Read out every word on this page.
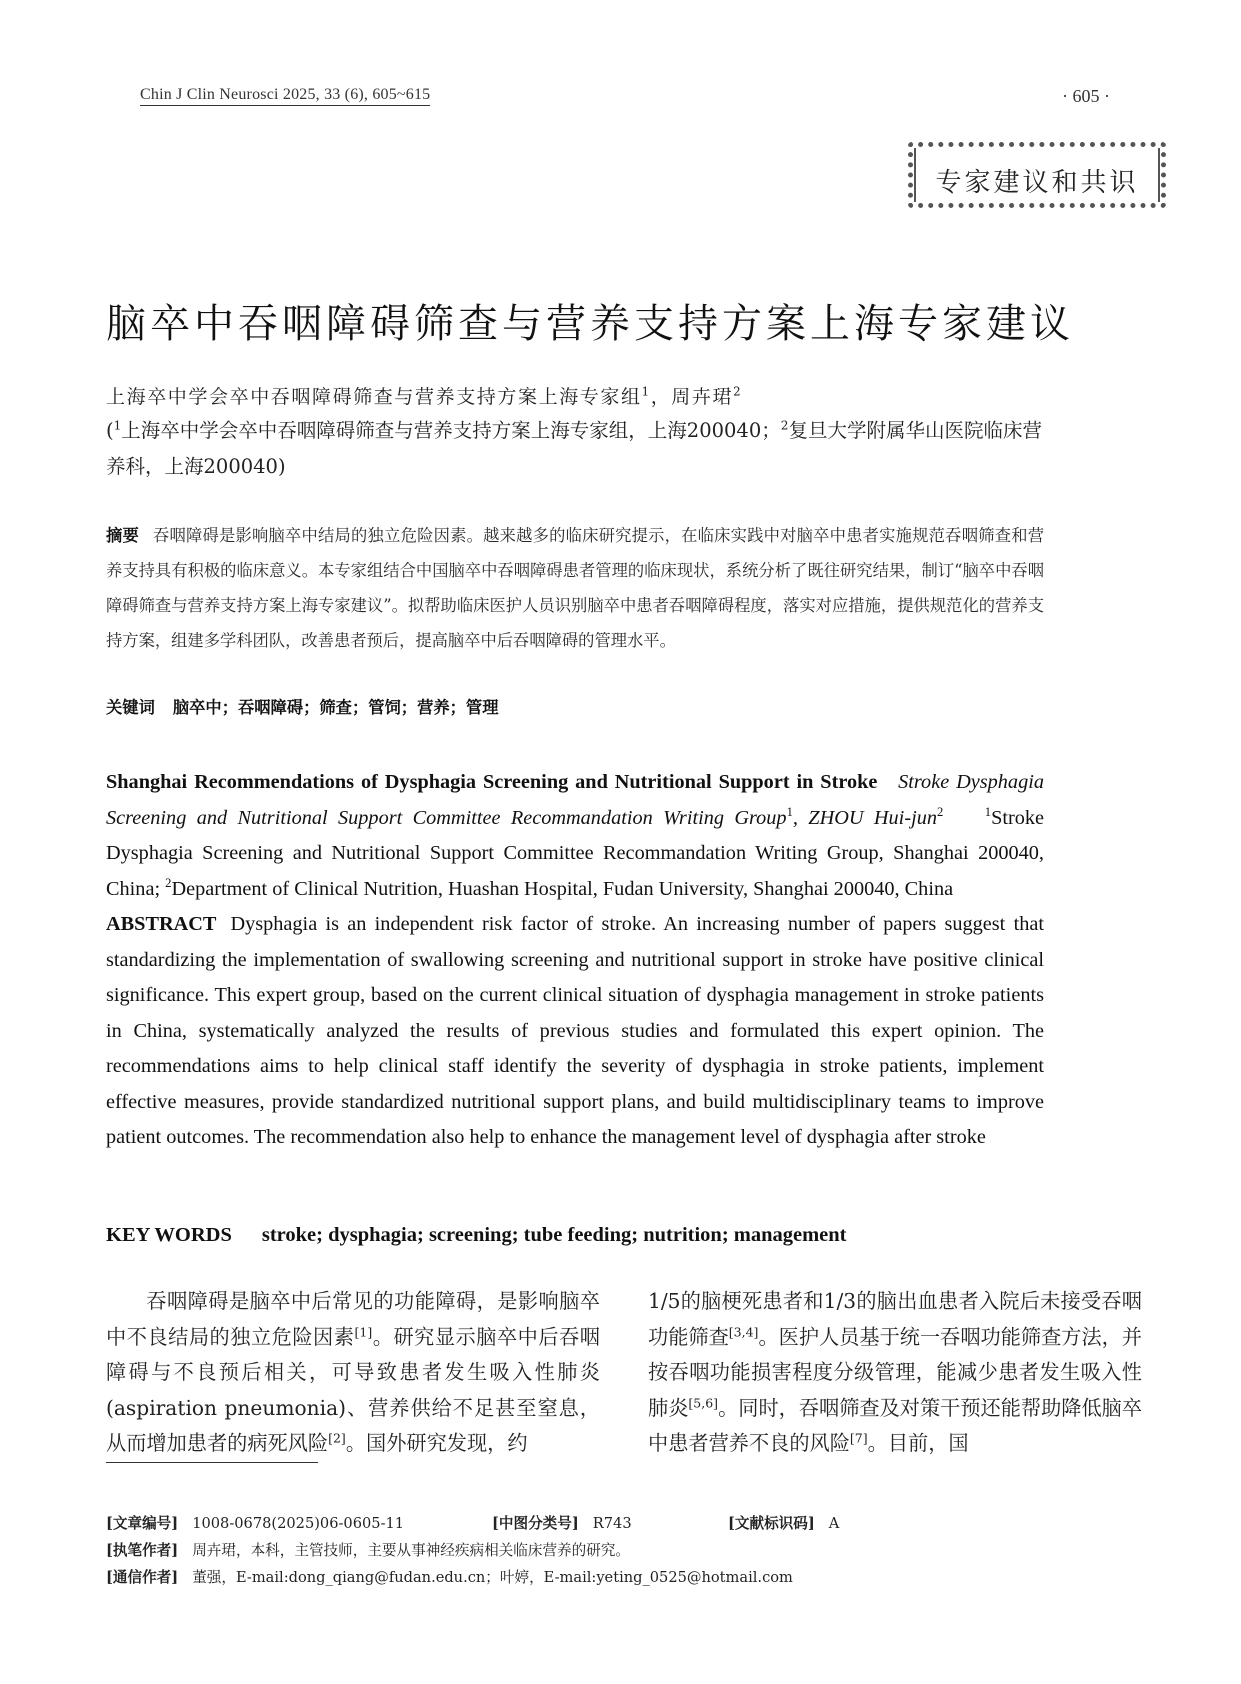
Chin J Clin Neurosci 2025, 33 (6), 605~615	· 605 ·
专家建议和共识
脑卒中吞咽障碍筛查与营养支持方案上海专家建议
上海卒中学会卒中吞咽障碍筛查与营养支持方案上海专家组$^1$，周卉珺$^2$
($^1$上海卒中学会卒中吞咽障碍筛查与营养支持方案上海专家组，上海200040；$^2$复旦大学附属华山医院临床营养科，上海200040)
摘要 吞咽障碍是影响脑卒中结局的独立危险因素。越来越多的临床研究提示，在临床实践中对脑卒中患者实施规范吞咽筛查和营养支持具有积极的临床意义。本专家组结合中国脑卒中吞咽障碍患者管理的临床现状，系统分析了既往研究结果，制订“脑卒中吞咽障碍筛查与营养支持方案上海专家建议”。拟帮助临床医护人员识别脑卒中患者吞咽障碍程度，落实对应措施，提供规范化的营养支持方案，组建多学科团队，改善患者预后，提高脑卒中后吞咽障碍的管理水平。
关键词 脑卒中；吞咽障碍；筛查；管饲；营养；管理
Shanghai Recommendations of Dysphagia Screening and Nutritional Support in Stroke Stroke Dysphagia Screening and Nutritional Support Committee Recommandation Writing Group$^1$, ZHOU Hui-jun$^2$	$^1$Stroke Dysphagia Screening and Nutritional Support Committee Recommandation Writing Group, Shanghai 200040, China; $^2$Department of Clinical Nutrition, Huashan Hospital, Fudan University, Shanghai 200040, China
ABSTRACT Dysphagia is an independent risk factor of stroke. An increasing number of papers suggest that standardizing the implementation of swallowing screening and nutritional support in stroke have positive clinical significance. This expert group, based on the current clinical situation of dysphagia management in stroke patients in China, systematically analyzed the results of previous studies and formulated this expert opinion. The recommendations aims to help clinical staff identify the severity of dysphagia in stroke patients, implement effective measures, provide standardized nutritional support plans, and build multidisciplinary teams to improve patient outcomes. The recommendation also help to enhance the management level of dysphagia after stroke
KEY WORDS stroke; dysphagia; screening; tube feeding; nutrition; management
吞咽障碍是脑卒中后常见的功能障碍，是影响脑卒中不良结局的独立危险因素[1]。研究显示脑卒中后吞咽障碍与不良预后相关，可导致患者发生吸入性肺炎(aspiration pneumonia)、营养供给不足甚至窒息，从而增加患者的病死风险[2]。国外研究发现，约
1/5的脑梗死患者和1/3的脑出血患者入院后未接受吞咽功能筛查[3,4]。医护人员基于统一吞咽功能筛查方法，并按吞咽功能损害程度分级管理，能减少患者发生吸入性肺炎[5,6]。同时，吞咽筛查及对策干预还能帮助降低脑卒中患者营养不良的风险[7]。目前，国
[文章编号] 1008-0678(2025)06-0605-11	[中图分类号] R743	[文献标识码] A
[执笔作者] 周卉珺，本科，主管技师，主要从事神经疾病相关临床营养的研究。
[通信作者] 董强，E-mail:dong_qiang@fudan.edu.cn；叶婷，E-mail:yeting_0525@hotmail.com
